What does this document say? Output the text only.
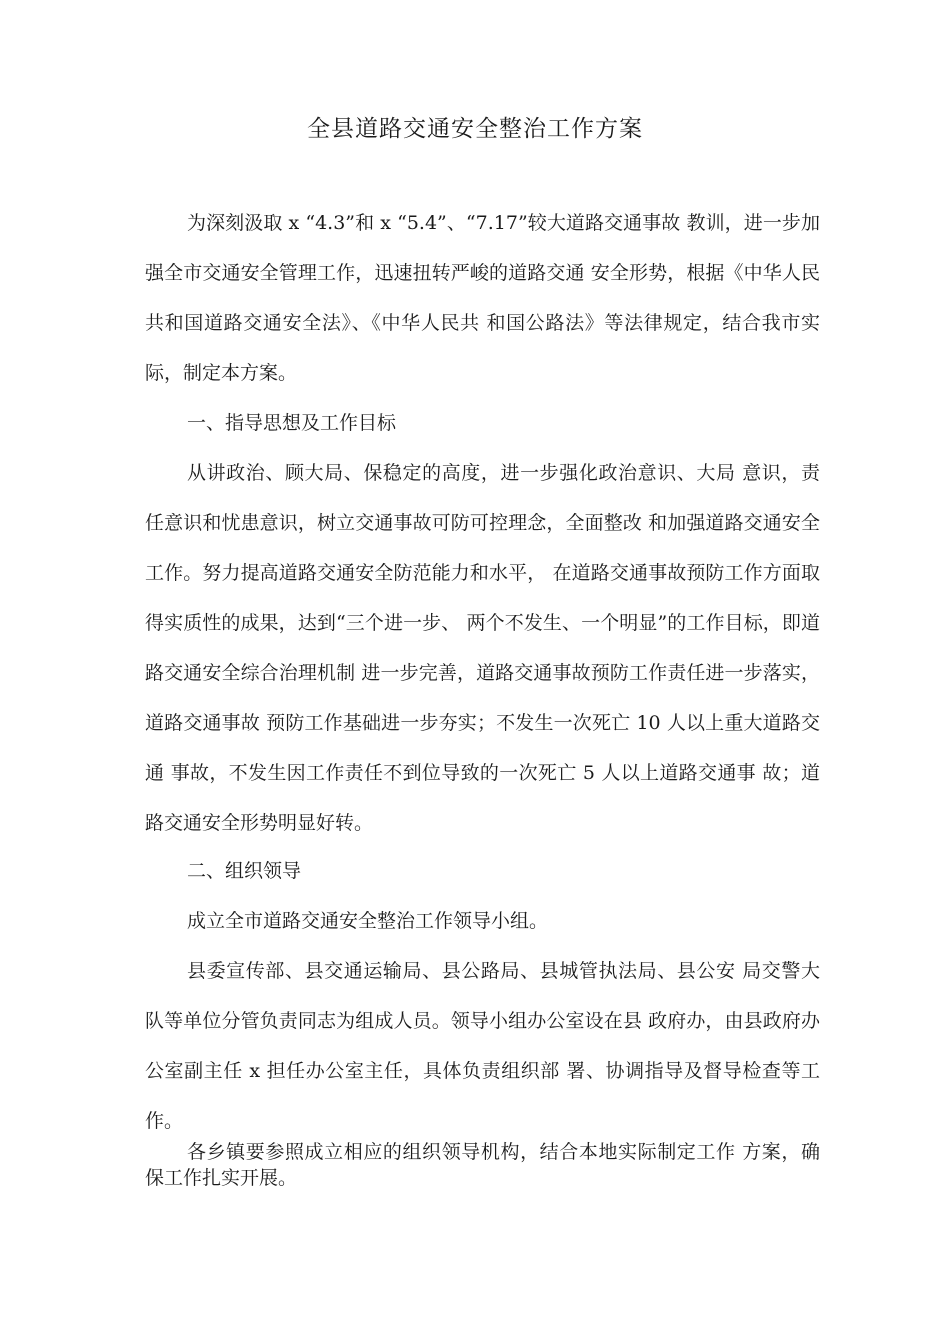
全县道路交通安全整治工作方案

为深刻汲取 x “4.3”和 x “5.4”、“7.17”较大道路交通事故 教训，进一步加强全市交通安全管理工作，迅速扭转严峻的道路交通 安全形势，根据《中华人民共和国道路交通安全法》、《中华人民共 和国公路法》等法律规定，结合我市实际，制定本方案。

一、指导思想及工作目标

从讲政治、顾大局、保稳定的高度，进一步强化政治意识、大局 意识，责任意识和忧患意识，树立交通事故可防可控理念，全面整改 和加强道路交通安全工作。努力提高道路交通安全防范能力和水平， 在道路交通事故预防工作方面取得实质性的成果，达到“三个进一步、 两个不发生、一个明显”的工作目标，即道路交通安全综合治理机制 进一步完善，道路交通事故预防工作责任进一步落实，道路交通事故 预防工作基础进一步夯实；不发生一次死亡 10 人以上重大道路交通 事故，不发生因工作责任不到位导致的一次死亡 5 人以上道路交通事 故；道路交通安全形势明显好转。

二、组织领导

成立全市道路交通安全整治工作领导小组。

县委宣传部、县交通运输局、县公路局、县城管执法局、县公安 局交警大队等单位分管负责同志为组成人员。领导小组办公室设在县 政府办，由县政府办公室副主任 x 担任办公室主任，具体负责组织部 署、协调指导及督导检查等工作。

各乡镇要参照成立相应的组织领导机构，结合本地实际制定工作 方案，确保工作扎实开展。
